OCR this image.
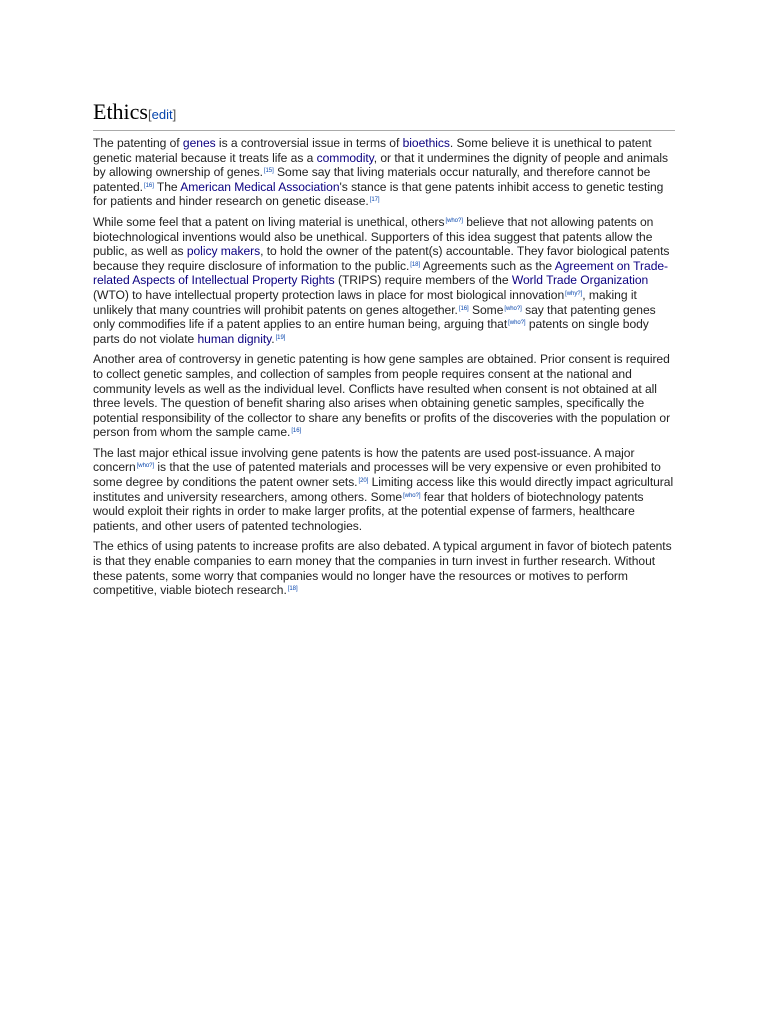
Ethics[edit]

The patenting of genes is a controversial issue in terms of bioethics. Some believe it is unethical to patent genetic material because it treats life as a commodity, or that it undermines the dignity of people and animals by allowing ownership of genes.[15] Some say that living materials occur naturally, and therefore cannot be patented.[16] The American Medical Association's stance is that gene patents inhibit access to genetic testing for patients and hinder research on genetic disease.[17]

While some feel that a patent on living material is unethical, others[who?] believe that not allowing patents on biotechnological inventions would also be unethical. Supporters of this idea suggest that patents allow the public, as well as policy makers, to hold the owner of the patent(s) accountable. They favor biological patents because they require disclosure of information to the public.[18] Agreements such as the Agreement on Trade-related Aspects of Intellectual Property Rights (TRIPS) require members of the World Trade Organization (WTO) to have intellectual property protection laws in place for most biological innovation[why?], making it unlikely that many countries will prohibit patents on genes altogether.[16] Some[who?] say that patenting genes only commodifies life if a patent applies to an entire human being, arguing that[who?] patents on single body parts do not violate human dignity.[19]

Another area of controversy in genetic patenting is how gene samples are obtained. Prior consent is required to collect genetic samples, and collection of samples from people requires consent at the national and community levels as well as the individual level. Conflicts have resulted when consent is not obtained at all three levels. The question of benefit sharing also arises when obtaining genetic samples, specifically the potential responsibility of the collector to share any benefits or profits of the discoveries with the population or person from whom the sample came.[16]

The last major ethical issue involving gene patents is how the patents are used post-issuance. A major concern[who?] is that the use of patented materials and processes will be very expensive or even prohibited to some degree by conditions the patent owner sets.[20] Limiting access like this would directly impact agricultural institutes and university researchers, among others. Some[who?] fear that holders of biotechnology patents would exploit their rights in order to make larger profits, at the potential expense of farmers, healthcare patients, and other users of patented technologies.

The ethics of using patents to increase profits are also debated. A typical argument in favor of biotech patents is that they enable companies to earn money that the companies in turn invest in further research. Without these patents, some worry that companies would no longer have the resources or motives to perform competitive, viable biotech research.[18]
